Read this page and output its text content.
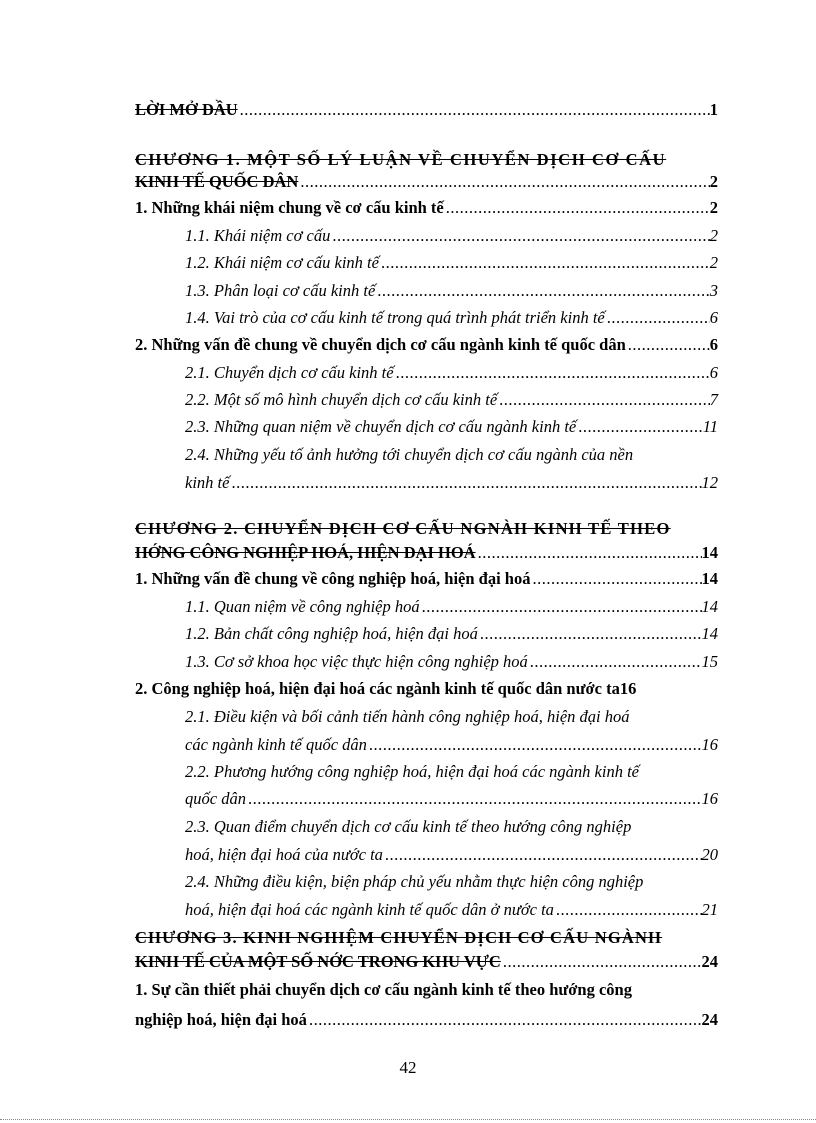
LỜI MỞ ĐẦU .....	1
CHƯƠNG 1. MỘT SỐ LÝ LUẬN VỀ CHUYỂN DỊCH CƠ CẤU
KINH TẾ QUỐC DÂN .....	2
1. Những khái niệm chung về cơ cấu kinh tế .....	2
1.1. Khái niệm cơ cấu .....	2
1.2. Khái niệm cơ cấu kinh tế .....	2
1.3. Phân loại cơ cấu kinh tế .....	3
1.4. Vai trò của cơ cấu kinh tế trong quá trình phát triển kinh tế .....	6
2. Những vấn đề chung về chuyển dịch cơ cấu ngành kinh tế quốc dân .....	6
2.1. Chuyển dịch cơ cấu kinh tế .....	6
2.2. Một số mô hình chuyển dịch cơ cấu kinh tế .....	7
2.3. Những quan niệm về chuyển dịch cơ cấu ngành kinh tế .....	11
2.4. Những yếu tố ảnh hưởng tới chuyển dịch cơ cấu ngành của nền
kinh tế .....	12
CHƯƠNG 2. CHUYỂN DỊCH CƠ CẤU NGNÀH KINH TẾ THEO
HỚNG CÔNG NGHIỆP HOÁ, HIỆN ĐẠI HOÁ .....	14
1. Những vấn đề chung về công nghiệp hoá, hiện đại hoá .....	14
1.1. Quan niệm về công nghiệp hoá .....	14
1.2. Bản chất công nghiệp hoá, hiện đại hoá .....	14
1.3. Cơ sở khoa học việc thực hiện công nghiệp hoá .....	15
2. Công nghiệp hoá, hiện đại hoá các ngành kinh tế quốc dân nước ta 16
2.1. Điều kiện và bối cảnh tiến hành công nghiệp hoá, hiện đại hoá
các ngành kinh tế quốc dân .....	16
2.2. Phương hướng công nghiệp hoá, hiện đại hoá các ngành kinh tế
quốc dân .....	16
2.3. Quan điểm chuyển dịch cơ cấu kinh tế theo hướng công nghiệp
hoá, hiện đại hoá của nước ta .....	20
2.4. Những điều kiện, biện pháp chủ yếu nhằm thực hiện công nghiệp
hoá, hiện đại hoá các ngành kinh tế quốc dân ở nước ta .....	21
CHƯƠNG 3. KINH NGHIỆM CHUYỂN DỊCH CƠ CẤU NGÀNH
KINH TẾ CỦA MỘT SỐ NỚC TRONG KHU VỰC .....	24
1. Sự cần thiết phải chuyển dịch cơ cấu ngành kinh tế theo hướng công
nghiệp hoá, hiện đại hoá .....	24
42
